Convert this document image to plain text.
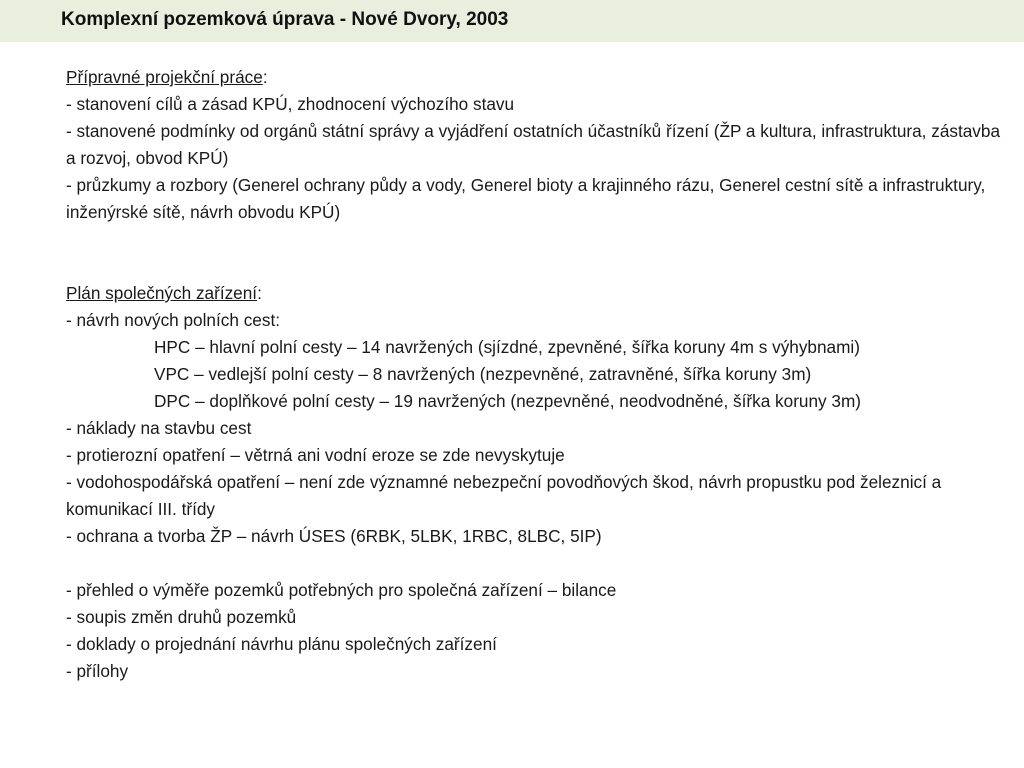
Komplexní pozemková úprava - Nové Dvory, 2003
Přípravné projekční práce:
- stanovení cílů a zásad KPÚ, zhodnocení výchozího stavu
- stanovené podmínky od orgánů státní správy a vyjádření ostatních účastníků řízení (ŽP a kultura, infrastruktura, zástavba a rozvoj, obvod KPÚ)
- průzkumy a rozbory (Generel ochrany půdy a vody, Generel bioty a krajinného rázu, Generel cestní sítě a infrastruktury, inženýrské sítě, návrh obvodu KPÚ)
Plán společných zařízení:
- návrh nových polních cest:
HPC – hlavní polní cesty – 14 navržených (sjízdné, zpevněné, šířka koruny 4m s výhybnami)
VPC – vedlejší polní cesty – 8 navržených (nezpevněné, zatravněné, šířka koruny 3m)
DPC – doplňkové polní cesty – 19 navržených (nezpevněné, neodvodněné, šířka koruny 3m)
- náklady na stavbu cest
- protierozní opatření – větrná ani vodní eroze se zde nevyskytuje
- vodohospodářská opatření – není zde významné nebezpeční povodňových škod, návrh propustku pod železnicí a komunikací III. třídy
- ochrana a tvorba ŽP – návrh ÚSES (6RBK, 5LBK, 1RBC, 8LBC, 5IP)
- přehled o výměře pozemků potřebných pro společná zařízení – bilance
- soupis změn druhů pozemků
- doklady o projednání návrhu plánu společných zařízení
- přílohy
